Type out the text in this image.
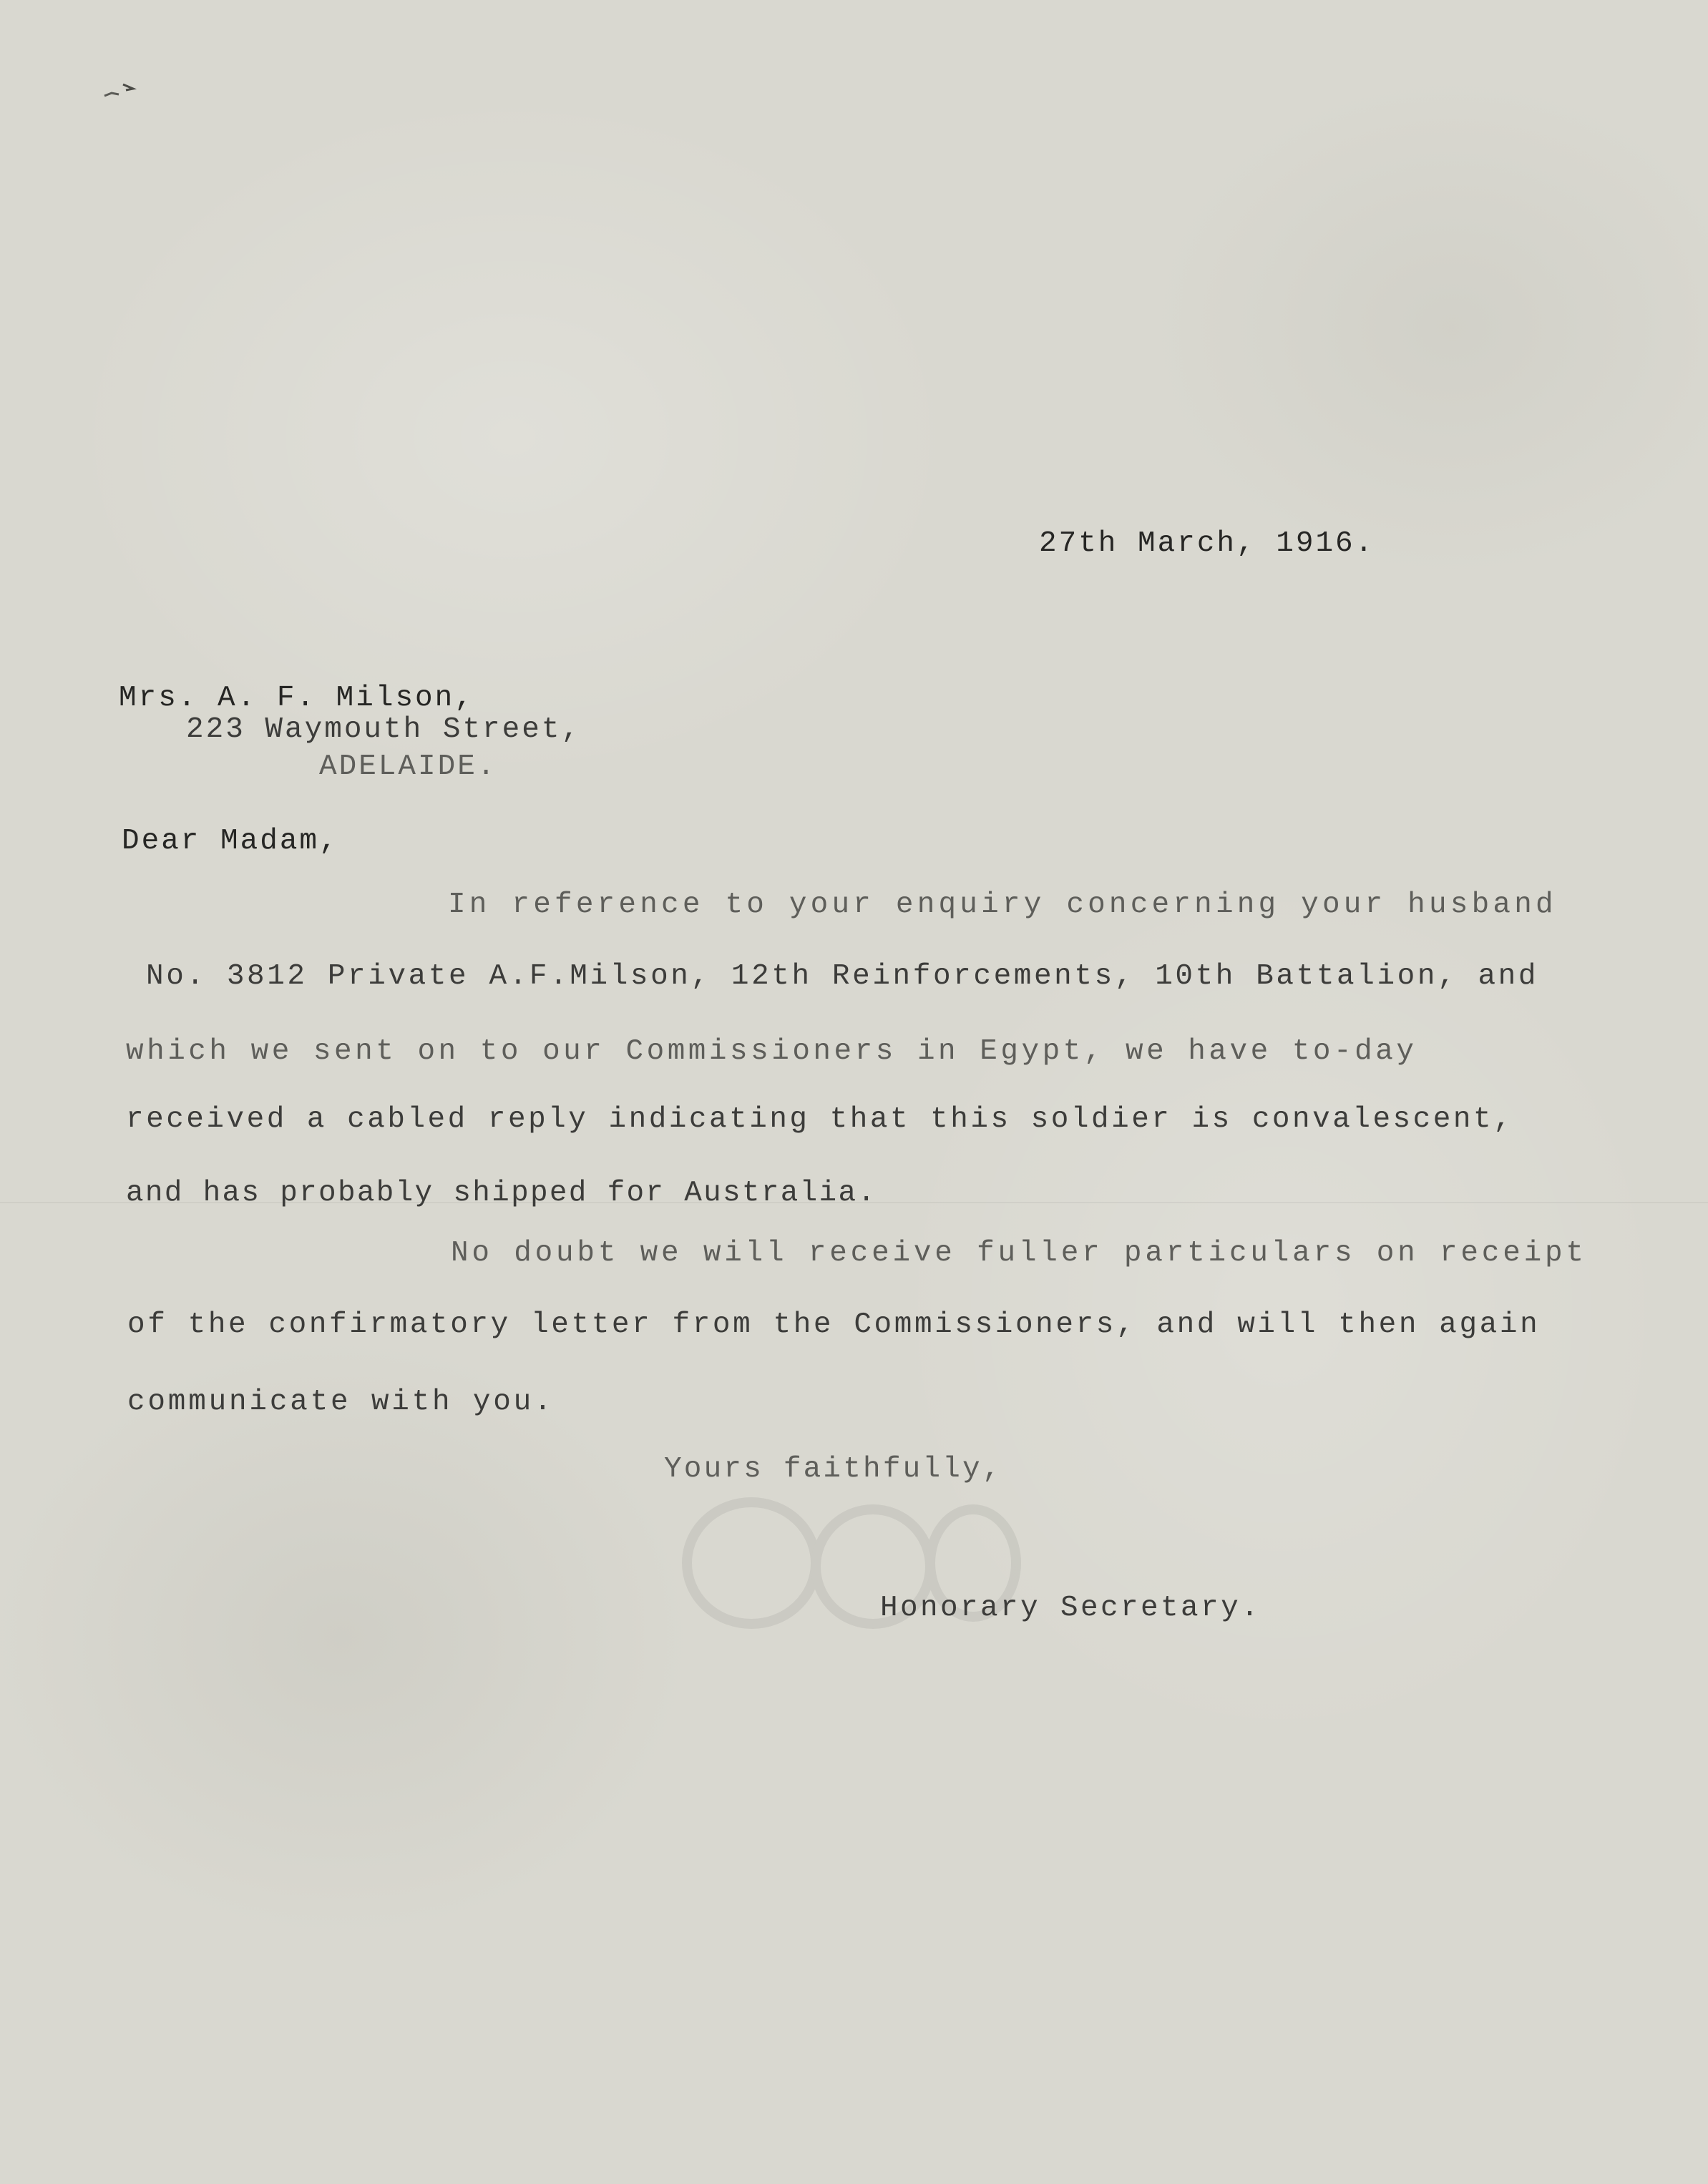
27th March, 1916.
Mrs. A. F. Milson,
223 Waymouth Street,
ADELAIDE.
Dear Madam,
In reference to your enquiry concerning your husband
No. 3812 Private A.F.Milson, 12th Reinforcements, 10th Battalion, and
which we sent on to our Commissioners in Egypt, we have to-day
received a cabled reply indicating that this soldier is convalescent,
and has probably shipped for Australia.
No doubt we will receive fuller particulars on receipt
of the confirmatory letter from the Commissioners, and will then again
communicate with you.
Yours faithfully,
Honorary Secretary.
